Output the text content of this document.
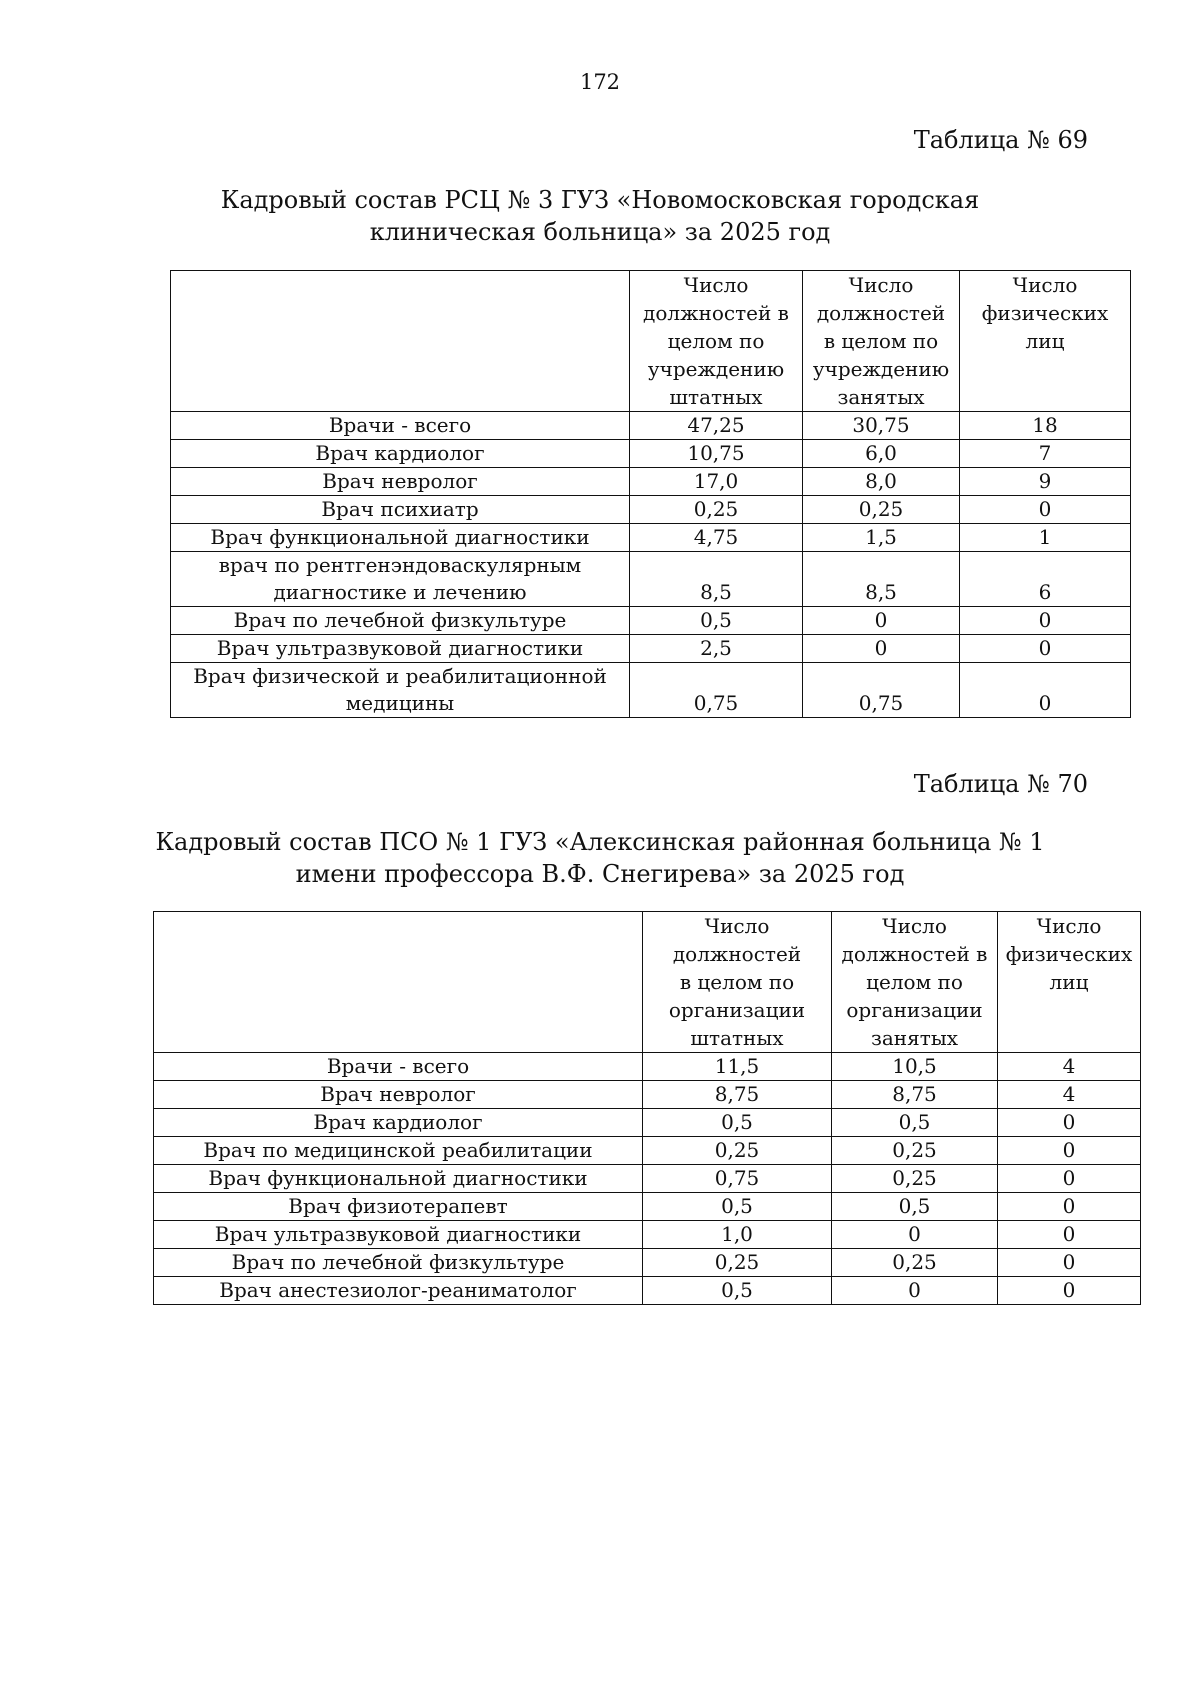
172
Таблица № 69
Кадровый состав РСЦ № 3 ГУЗ «Новомосковская городская
клиническая больница» за 2025 год

	Число
должностей в
целом по
учреждению
штатных	Число
должностей
в целом по
учреждению
занятых	Число
физических
лиц

Врачи - всего	47,25	30,75	18

Врач кардиолог	10,75	6,0	7

Врач невролог	17,0	8,0	9

Врач психиатр	0,25	0,25	0

Врач функциональной диагностики	4,75	1,5	1

врач по рентгенэндоваскулярным
диагностике и лечению	8,5	8,5	6

Врач по лечебной физкультуре	0,5	0	0

Врач ультразвуковой диагностики	2,5	0	0

Врач физической и реабилитационной
медицины	0,75	0,75	0
Таблица № 70
Кадровый состав ПСО № 1 ГУЗ «Алексинская районная больница № 1
имени профессора В.Ф. Снегирева» за 2025 год

	Число
должностей
в целом по
организации
штатных	Число
должностей в
целом по
организации
занятых	Число
физических
лиц

Врачи - всего	11,5	10,5	4

Врач невролог	8,75	8,75	4

Врач кардиолог	0,5	0,5	0

Врач по медицинской реабилитации	0,25	0,25	0

Врач функциональной диагностики	0,75	0,25	0

Врач физиотерапевт	0,5	0,5	0

Врач ультразвуковой диагностики	1,0	0	0

Врач по лечебной физкультуре	0,25	0,25	0

Врач анестезиолог-реаниматолог	0,5	0	0
